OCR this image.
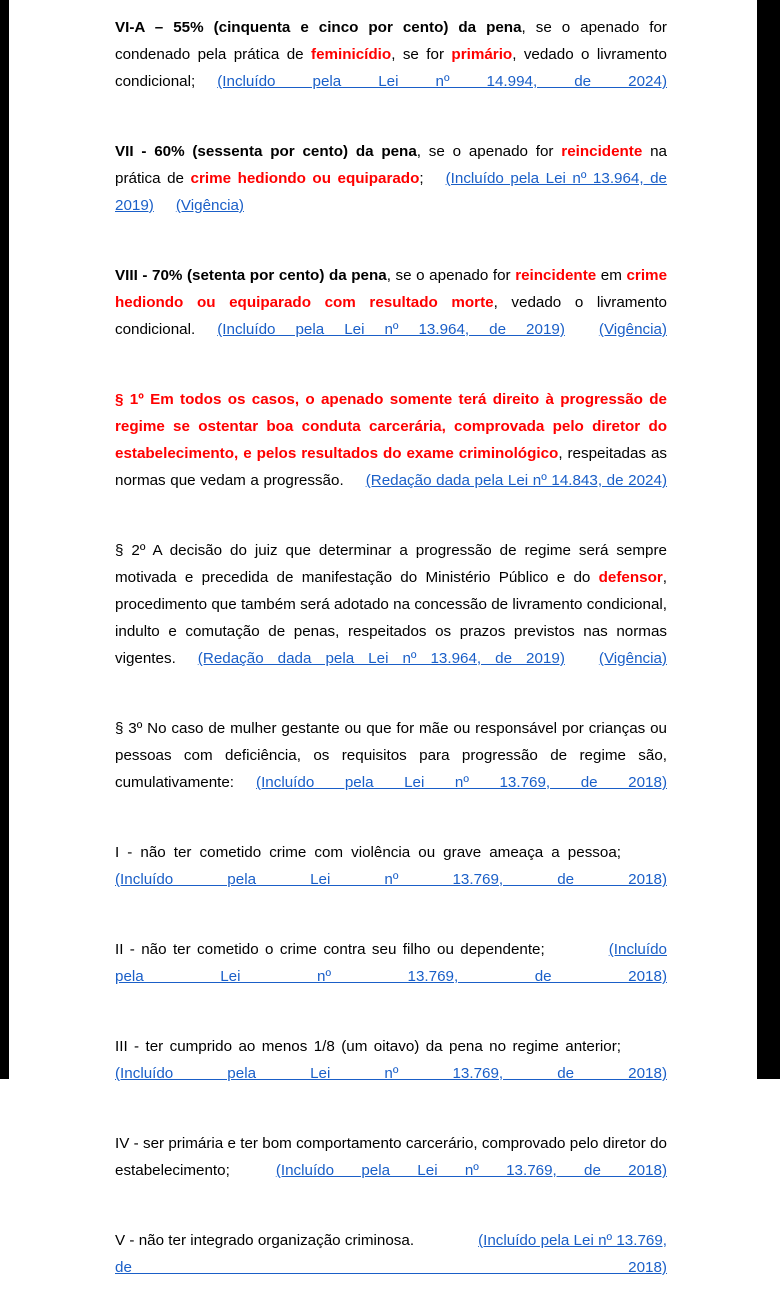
VI-A – 55% (cinquenta e cinco por cento) da pena, se o apenado for condenado pela prática de feminicídio, se for primário, vedado o livramento condicional; (Incluído pela Lei nº 14.994, de 2024)

VII - 60% (sessenta por cento) da pena, se o apenado for reincidente na prática de crime hediondo ou equiparado; (Incluído pela Lei nº 13.964, de 2019) (Vigência)

VIII - 70% (setenta por cento) da pena, se o apenado for reincidente em crime hediondo ou equiparado com resultado morte, vedado o livramento condicional. (Incluído pela Lei nº 13.964, de 2019) (Vigência)

§ 1º Em todos os casos, o apenado somente terá direito à progressão de regime se ostentar boa conduta carcerária, comprovada pelo diretor do estabelecimento, e pelos resultados do exame criminológico, respeitadas as normas que vedam a progressão. (Redação dada pela Lei nº 14.843, de 2024)

§ 2º A decisão do juiz que determinar a progressão de regime será sempre motivada e precedida de manifestação do Ministério Público e do defensor, procedimento que também será adotado na concessão de livramento condicional, indulto e comutação de penas, respeitados os prazos previstos nas normas vigentes. (Redação dada pela Lei nº 13.964, de 2019) (Vigência)

§ 3º No caso de mulher gestante ou que for mãe ou responsável por crianças ou pessoas com deficiência, os requisitos para progressão de regime são, cumulativamente: (Incluído pela Lei nº 13.769, de 2018)

I - não ter cometido crime com violência ou grave ameaça a pessoa;(Incluído pela Lei nº 13.769, de 2018)

II - não ter cometido o crime contra seu filho ou dependente;	(Incluído pela Lei nº 13.769, de 2018)

III - ter cumprido ao menos 1/8 (um oitavo) da pena no regime anterior;(Incluído pela Lei nº 13.769, de 2018)

IV - ser primária e ter bom comportamento carcerário, comprovado pelo diretor do estabelecimento;	(Incluído pela Lei nº 13.769, de 2018)

V - não ter integrado organização criminosa.	(Incluído pela Lei nº 13.769, de 2018)
